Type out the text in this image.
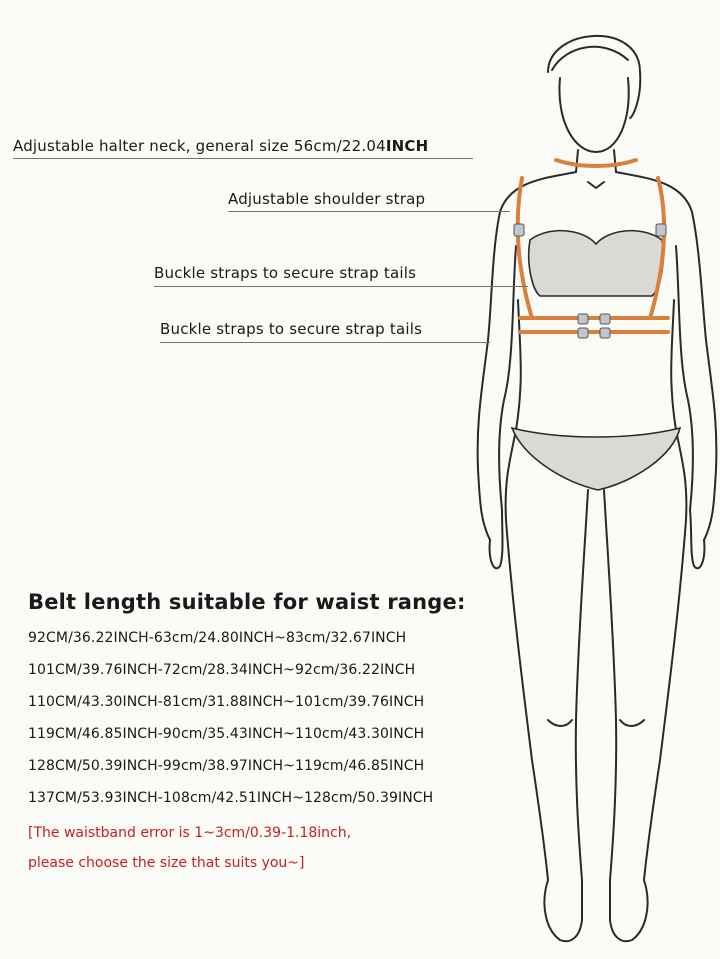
Adjustable halter neck, general size 56cm/22.04INCH
Adjustable shoulder strap
Buckle straps to secure strap tails
Buckle straps to secure strap tails
Belt length suitable for waist range:
92CM/36.22INCH-63cm/24.80INCH~83cm/32.67INCH
101CM/39.76INCH-72cm/28.34INCH~92cm/36.22INCH
110CM/43.30INCH-81cm/31.88INCH~101cm/39.76INCH
119CM/46.85INCH-90cm/35.43INCH~110cm/43.30INCH
128CM/50.39INCH-99cm/38.97INCH~119cm/46.85INCH
137CM/53.93INCH-108cm/42.51INCH~128cm/50.39INCH
[The waistband error is 1~3cm/0.39-1.18inch,
please choose the size that suits you~]
